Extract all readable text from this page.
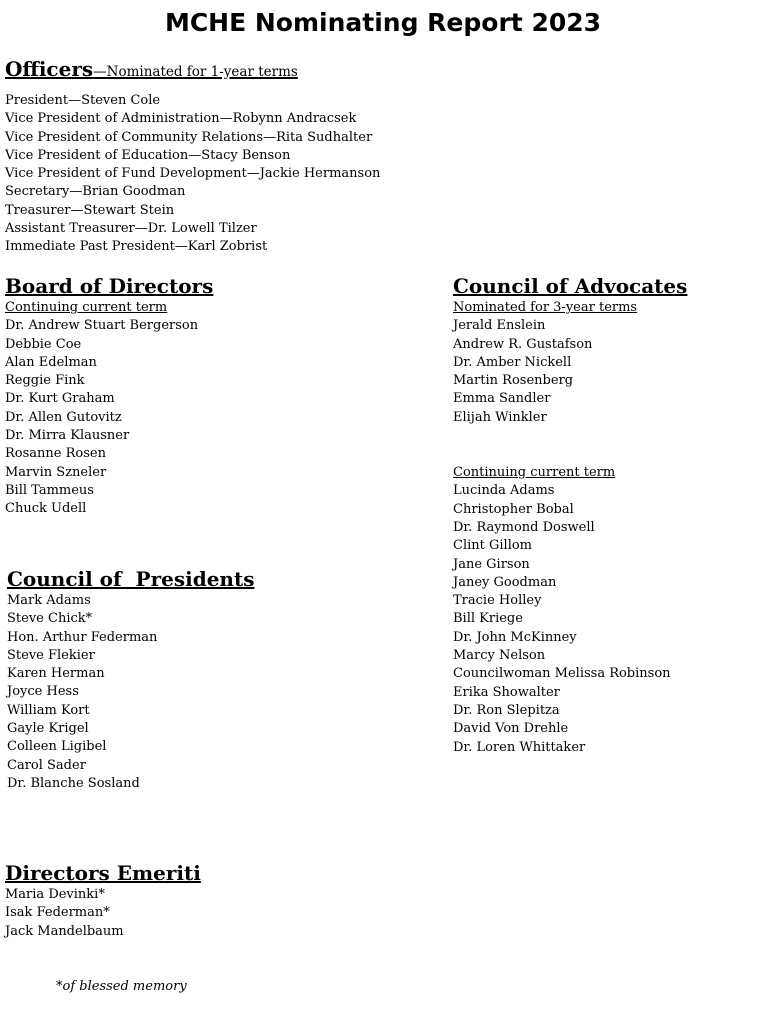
MCHE Nominating Report 2023
Officers—Nominated for 1-year terms
President—Steven Cole
Vice President of Administration—Robynn Andracsek
Vice President of Community Relations—Rita Sudhalter
Vice President of Education—Stacy Benson
Vice President of Fund Development—Jackie Hermanson
Secretary—Brian Goodman
Treasurer—Stewart Stein
Assistant Treasurer—Dr. Lowell Tilzer
Immediate Past President—Karl Zobrist
Board of Directors
Continuing current term
Dr. Andrew Stuart Bergerson
Debbie Coe
Alan Edelman
Reggie Fink
Dr. Kurt Graham
Dr. Allen Gutovitz
Dr. Mirra Klausner
Rosanne Rosen
Marvin Szneler
Bill Tammeus
Chuck Udell
Council of Advocates
Nominated for 3-year terms
Jerald Enslein
Andrew R. Gustafson
Dr. Amber Nickell
Martin Rosenberg
Emma Sandler
Elijah Winkler
Continuing current term
Lucinda Adams
Christopher Bobal
Dr. Raymond Doswell
Clint Gillom
Jane Girson
Janey Goodman
Tracie Holley
Bill Kriege
Dr. John McKinney
Marcy Nelson
Councilwoman Melissa Robinson
Erika Showalter
Dr. Ron Slepitza
David Von Drehle
Dr. Loren Whittaker
Council of  Presidents
Mark Adams
Steve Chick*
Hon. Arthur Federman
Steve Flekier
Karen Herman
Joyce Hess
William Kort
Gayle Krigel
Colleen Ligibel
Carol Sader
Dr. Blanche Sosland
Directors Emeriti
Maria Devinki*
Isak Federman*
Jack Mandelbaum
*of blessed memory
